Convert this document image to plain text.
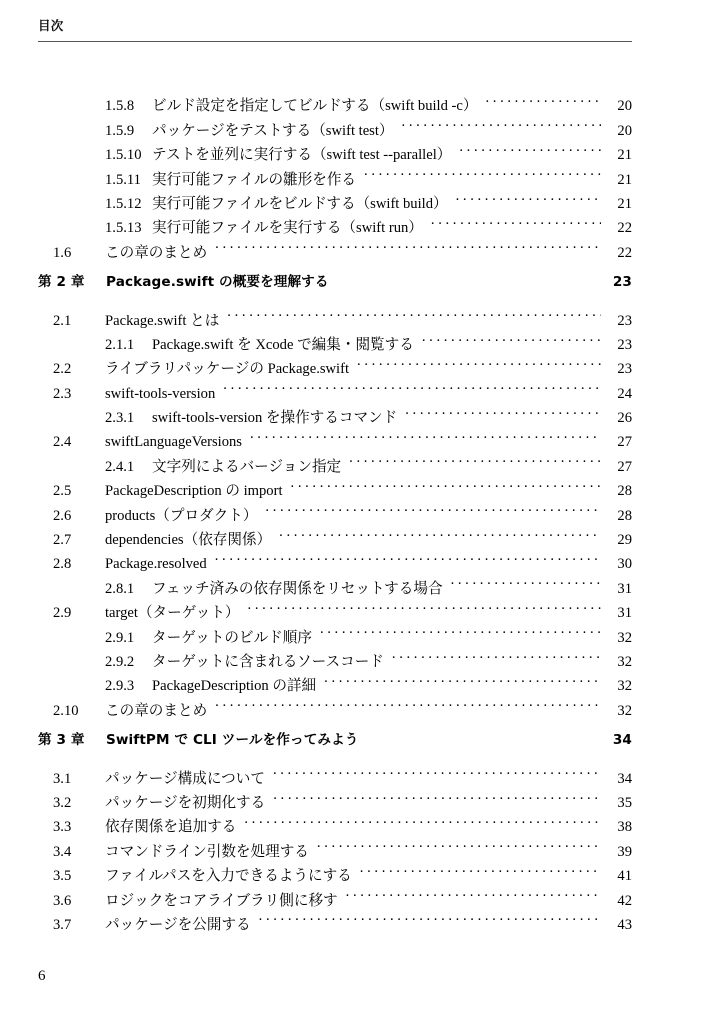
目次
1.5.8	ビルド設定を指定してビルドする（swift build -c） . . .	20
1.5.9	パッケージをテストする（swift test） . . .	20
1.5.10 テストを並列に実行する（swift test --parallel） . . .	21
1.5.11 実行可能ファイルの雛形を作る . . .	21
1.5.12 実行可能ファイルをビルドする（swift build） . . .	21
1.5.13 実行可能ファイルを実行する（swift run） . . .	22
1.6	この章のまとめ . . .	22
第 2 章	Package.swift の概要を理解する	23
2.1	Package.swift とは . . .	23
2.1.1	Package.swift を Xcode で編集・閲覧する . . .	23
2.2	ライブラリパッケージの Package.swift . . .	23
2.3	swift-tools-version . . .	24
2.3.1	swift-tools-version を操作するコマンド . . .	26
2.4	swiftLanguageVersions . . .	27
2.4.1	文字列によるバージョン指定 . . .	27
2.5	PackageDescription の import . . .	28
2.6	products（プロダクト） . . .	28
2.7	dependencies（依存関係） . . .	29
2.8	Package.resolved . . .	30
2.8.1	フェッチ済みの依存関係をリセットする場合 . . .	31
2.9	target（ターゲット） . . .	31
2.9.1	ターゲットのビルド順序 . . .	32
2.9.2	ターゲットに含まれるソースコード . . .	32
2.9.3	PackageDescription の詳細 . . .	32
2.10	この章のまとめ . . .	32
第 3 章	SwiftPM で CLI ツールを作ってみよう	34
3.1	パッケージ構成について . . .	34
3.2	パッケージを初期化する . . .	35
3.3	依存関係を追加する . . .	38
3.4	コマンドライン引数を処理する . . .	39
3.5	ファイルパスを入力できるようにする . . .	41
3.6	ロジックをコアライブラリ側に移す . . .	42
3.7	パッケージを公開する . . .	43
6
